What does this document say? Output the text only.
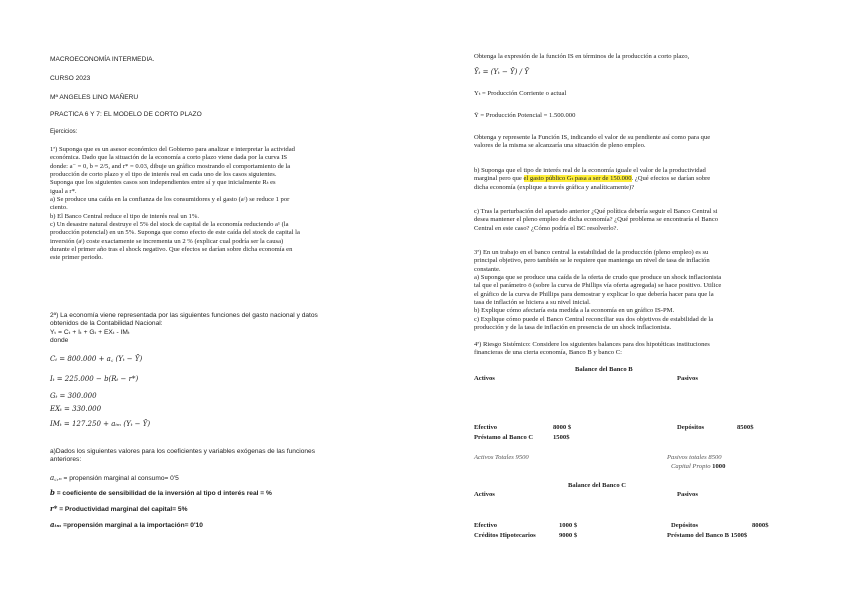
MACROECONOMÍA INTERMEDIA.
CURSO 2023
Mª ANGELES LINO MAÑERU
PRACTICA 6 Y 7: EL MODELO DE CORTO PLAZO
Ejercicios:
1ª) Suponga que es un asesor económico del Gobierno para analizar e interpretar la actividad
económica. Dado que la situación de la economía a corto plazo viene dada por la curva IS
donde: a⁻ = 0, b = 2/5, and r* = 0.03, dibuje un gráfico mostrando el comportamiento de la
producción de corto plazo y el tipo de interés real en cada uno de los casos siguientes.
Suponga que los siguientes casos son independientes entre sí y que inicialmente Rₜ es
igual a r*.
a) Se produce una caída en la confianza de los consumidores y el gasto (aᶜ) se reduce 1 por
ciento.
b) El Banco Central reduce el tipo de interés real un 1%.
c) Un desastre natural destruye el 5% del stock de capital de la economía reduciendo a¹ (la
producción potencial) en un 5%. Suponga que como efecto de este caída del stock de capital la
inversión (aᶦ) coste exactamente se incrementa un 2 % (explicar cual podría ser la causa)
durante el primer año tras el shock negativo. Que efectos se darían sobre dicha economía en
este primer periodo.
2ª) La economía viene representada por las siguientes funciones del gasto nacional y datos
obtenidos de la Contabilidad Nacional:
Yₜ = Cₜ + Iₜ + Gₜ + EXₜ - IMₜ
donde
Cₜ = 800.000 + a꜀ (Yₜ − Ȳ)
Iₜ = 225.000 − b(Rₜ − r*)
Gₜ = 300.000
EXₜ = 330.000
IMₜ = 127.250 + aᵢₘ (Yₜ − Ȳ)
a)Dados los siguientes valores para los coeficientes y variables exógenas de las funciones
anteriores:
a꜀,ₙ = propensión marginal al consumo= 0'5
b = coeficiente de sensibilidad de la inversión al tipo d interés real = %
r* = Productividad marginal del capital= 5%
aᵢₘ =propensión marginal a la importación= 0'10
Obtenga la expresión de la función IS en términos de la producción a corto plazo,
Ỹₜ = (Yₜ − Ȳ) / Ȳ
Yₜ = Producción Corriente o actual
Ȳ = Producción Potencial = 1.500.000
Obtenga y represente la Función IS, indicando el valor de su pendiente así como para que
valores de la misma se alcanzaría una situación de pleno empleo.
b) Suponga que el tipo de interés real de la economía iguale el valor de la productividad
marginal pero que el gasto público Gₜ pasa a ser de 150.000. ¿Qué efectos se darían sobre
dicha economía (explique a través gráfica y analíticamente)?
c) Tras la perturbación del apartado anterior ¿Qué política debería seguir el Banco Central si
desea mantener el pleno empleo de dicha economía? ¿Qué problema se encontraría el Banco
Central en este caso? ¿Cómo podría el BC resolverlo?.
3ª) En un trabajo en el banco central la estabilidad de la producción (pleno empleo) es su
principal objetivo, pero también se le requiere que mantenga un nivel de tasa de inflación
constante.
a) Suponga que se produce una caída de la oferta de crudo que produce un shock inflacionista
tal que el parámetro ō (sobre la curva de Phillips vía oferta agregada) se hace positivo. Utilice
el gráfico de la curva de Phillips para demostrar y explicar lo que debería hacer para que la
tasa de inflación se hiciera a su nivel inicial.
b) Explique cómo afectaría esta medida a la economía en un gráfico IS-PM.
c) Explique cómo puede el Banco Central reconciliar sus dos objetivos de estabilidad de la
producción y de la tasa de inflación en presencia de un shock inflacionista.
4ª) Riesgo Sistémico: Considere los siguientes balances para dos hipotéticas instituciones
financieras de una cierta economía, Banco B y banco C:
Balance del Banco B
Activos	Pasivos
Efectivo	8000 $	Depósitos	8500$
Préstamo al Banco C	1500$
Activos Totales 9500	Pasivos totales 8500
Capital Propio 1000
Balance del Banco C
Activos	Pasivos
Efectivo	1000 $	Depósitos	8000$
Créditos Hipotecarios	9000 $	Préstamo del Banco B 1500$
